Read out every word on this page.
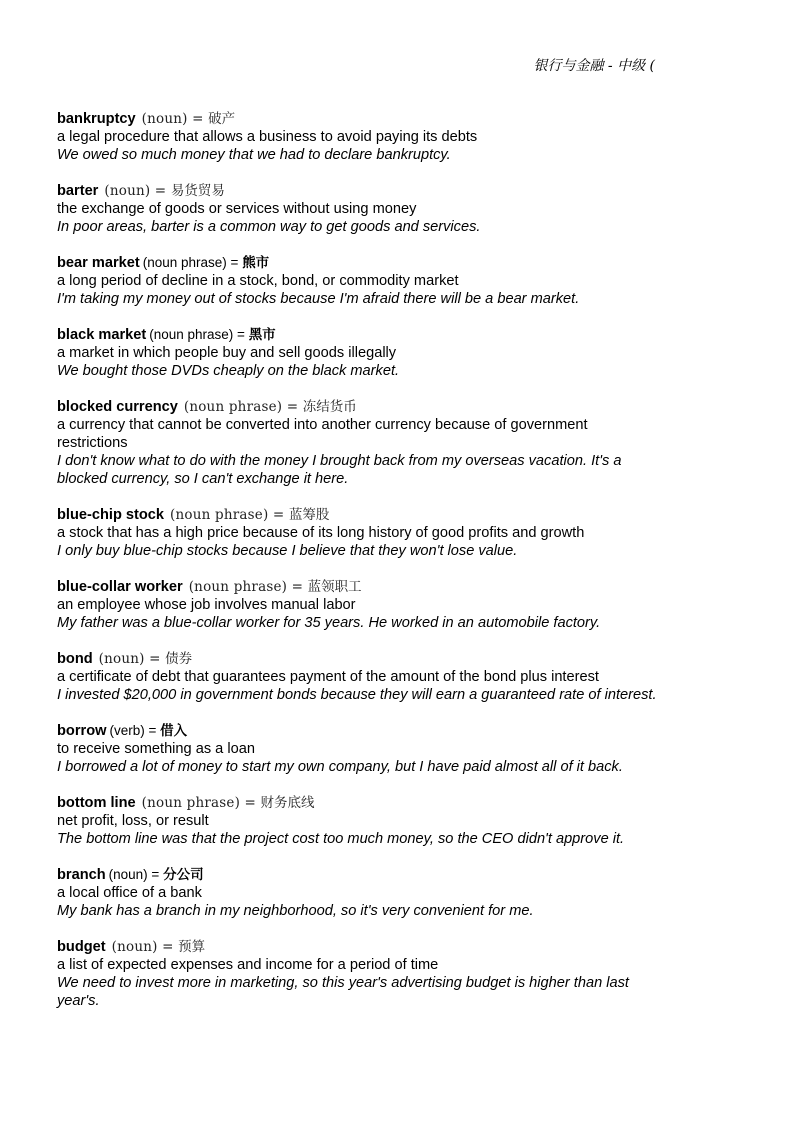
银行与金融 - 中级 (
bankruptcy (noun) = 破产
a legal procedure that allows a business to avoid paying its debts
We owed so much money that we had to declare bankruptcy.
barter (noun) = 易货贸易
the exchange of goods or services without using money
In poor areas, barter is a common way to get goods and services.
bear market (noun phrase) = 熊市
a long period of decline in a stock, bond, or commodity market
I'm taking my money out of stocks because I'm afraid there will be a bear market.
black market (noun phrase) = 黑市
a market in which people buy and sell goods illegally
We bought those DVDs cheaply on the black market.
blocked currency (noun phrase) = 冻结货币
a currency that cannot be converted into another currency because of government restrictions
I don't know what to do with the money I brought back from my overseas vacation. It's a blocked currency, so I can't exchange it here.
blue-chip stock (noun phrase) = 蓝筹股
a stock that has a high price because of its long history of good profits and growth
I only buy blue-chip stocks because I believe that they won't lose value.
blue-collar worker (noun phrase) = 蓝领职工
an employee whose job involves manual labor
My father was a blue-collar worker for 35 years. He worked in an automobile factory.
bond (noun) = 债券
a certificate of debt that guarantees payment of the amount of the bond plus interest
I invested $20,000 in government bonds because they will earn a guaranteed rate of interest.
borrow (verb) = 借入
to receive something as a loan
I borrowed a lot of money to start my own company, but I have paid almost all of it back.
bottom line (noun phrase) = 财务底线
net profit, loss, or result
The bottom line was that the project cost too much money, so the CEO didn't approve it.
branch (noun) = 分公司
a local office of a bank
My bank has a branch in my neighborhood, so it's very convenient for me.
budget (noun) = 预算
a list of expected expenses and income for a period of time
We need to invest more in marketing, so this year's advertising budget is higher than last year's.
